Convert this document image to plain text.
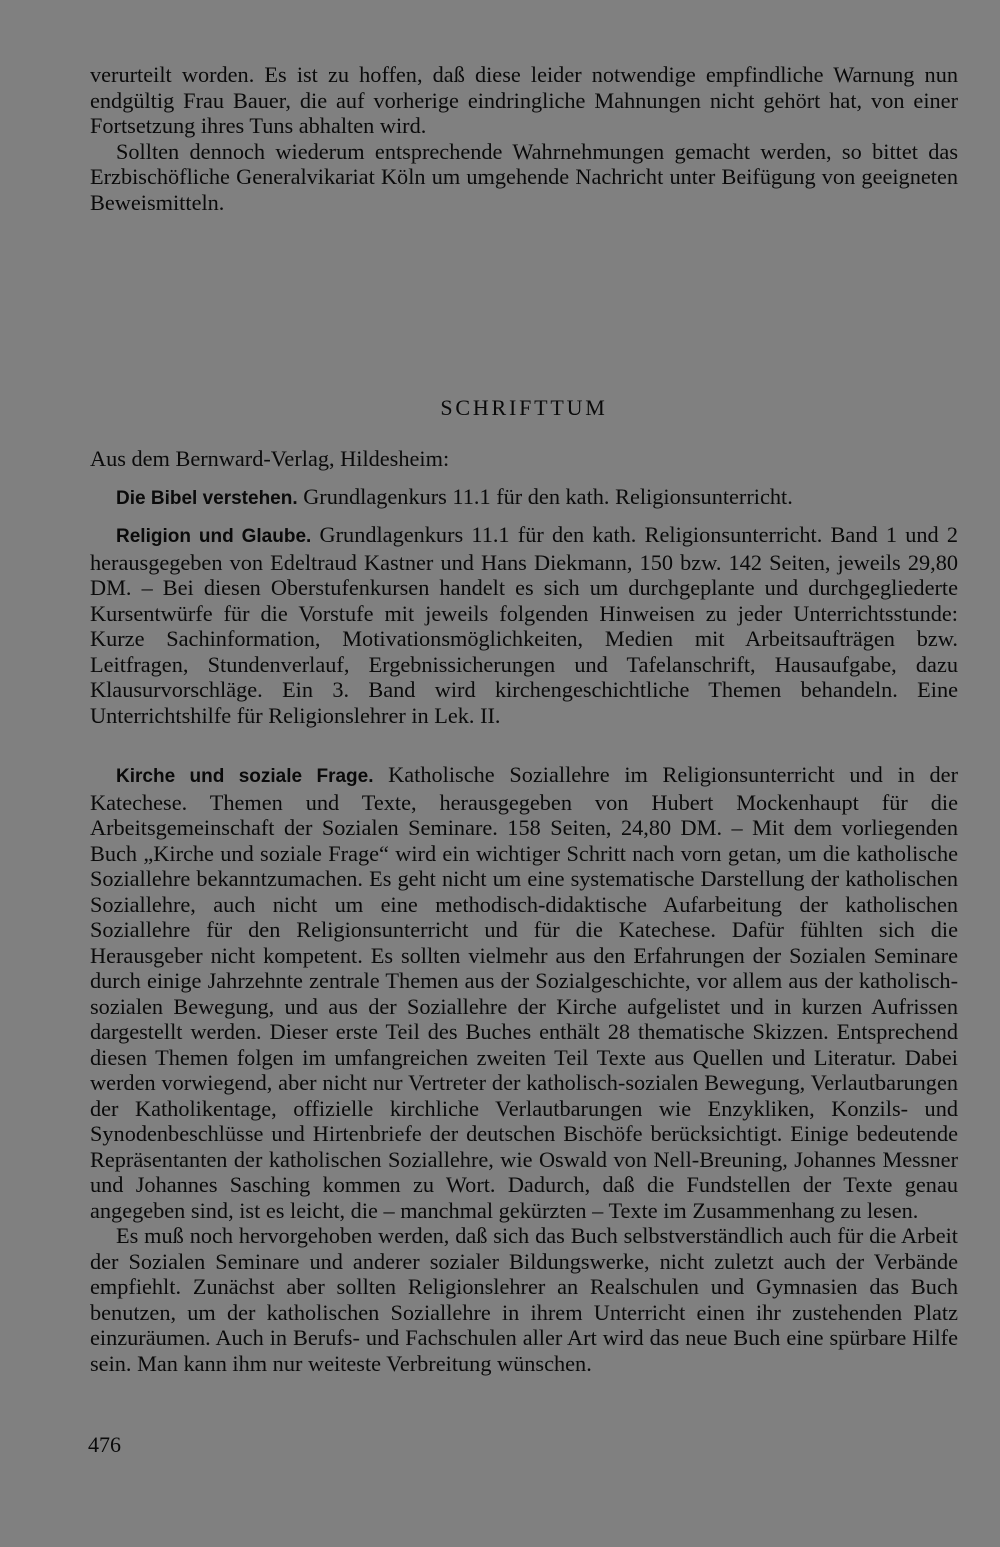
verurteilt worden. Es ist zu hoffen, daß diese leider notwendige empfindliche Warnung nun endgültig Frau Bauer, die auf vorherige eindringliche Mahnungen nicht gehört hat, von einer Fortsetzung ihres Tuns abhalten wird.

Sollten dennoch wiederum entsprechende Wahrnehmungen gemacht werden, so bittet das Erzbischöfliche Generalvikariat Köln um umgehende Nachricht unter Beifügung von geeigneten Beweismitteln.

SCHRIFTTUM
Aus dem Bernward-Verlag, Hildesheim:
Die Bibel verstehen. Grundlagenkurs 11.1 für den kath. Religionsunterricht.

Religion und Glaube. Grundlagenkurs 11.1 für den kath. Religionsunterricht. Band 1 und 2 herausgegeben von Edeltraud Kastner und Hans Diekmann, 150 bzw. 142 Seiten, jeweils 29,80 DM. – Bei diesen Oberstufenkursen handelt es sich um durchgeplante und durchgegliederte Kursentwürfe für die Vorstufe mit jeweils folgenden Hinweisen zu jeder Unterrichtsstunde: Kurze Sachinformation, Motivationsmöglichkeiten, Medien mit Arbeitsaufträgen bzw. Leitfragen, Stundenverlauf, Ergebnissicherungen und Tafelanschrift, Hausaufgabe, dazu Klausurvorschläge. Ein 3. Band wird kirchengeschichtliche Themen behandeln. Eine Unterrichtshilfe für Religionslehrer in Lek. II.

Kirche und soziale Frage. Katholische Soziallehre im Religionsunterricht und in der Katechese. Themen und Texte, herausgegeben von Hubert Mockenhaupt für die Arbeitsgemeinschaft der Sozialen Seminare. 158 Seiten, 24,80 DM. – Mit dem vorliegenden Buch „Kirche und soziale Frage“ wird ein wichtiger Schritt nach vorn getan, um die katholische Soziallehre bekanntzumachen. Es geht nicht um eine systematische Darstellung der katholischen Soziallehre, auch nicht um eine methodisch-didaktische Aufarbeitung der katholischen Soziallehre für den Religionsunterricht und für die Katechese. Dafür fühlten sich die Herausgeber nicht kompetent. Es sollten vielmehr aus den Erfahrungen der Sozialen Seminare durch einige Jahrzehnte zentrale Themen aus der Sozialgeschichte, vor allem aus der katholisch-sozialen Bewegung, und aus der Soziallehre der Kirche aufgelistet und in kurzen Aufrissen dargestellt werden. Dieser erste Teil des Buches enthält 28 thematische Skizzen. Entsprechend diesen Themen folgen im umfangreichen zweiten Teil Texte aus Quellen und Literatur. Dabei werden vorwiegend, aber nicht nur Vertreter der katholisch-sozialen Bewegung, Verlautbarungen der Katholikentage, offizielle kirchliche Verlautbarungen wie Enzykliken, Konzils- und Synodenbeschlüsse und Hirtenbriefe der deutschen Bischöfe berücksichtigt. Einige bedeutende Repräsentanten der katholischen Soziallehre, wie Oswald von Nell-Breuning, Johannes Messner und Johannes Sasching kommen zu Wort. Dadurch, daß die Fundstellen der Texte genau angegeben sind, ist es leicht, die – manchmal gekürzten – Texte im Zusammenhang zu lesen.

Es muß noch hervorgehoben werden, daß sich das Buch selbstverständlich auch für die Arbeit der Sozialen Seminare und anderer sozialer Bildungswerke, nicht zuletzt auch der Verbände empfiehlt. Zunächst aber sollten Religionslehrer an Realschulen und Gymnasien das Buch benutzen, um der katholischen Soziallehre in ihrem Unterricht einen ihr zustehenden Platz einzuräumen. Auch in Berufs- und Fachschulen aller Art wird das neue Buch eine spürbare Hilfe sein. Man kann ihm nur weiteste Verbreitung wünschen.

476
